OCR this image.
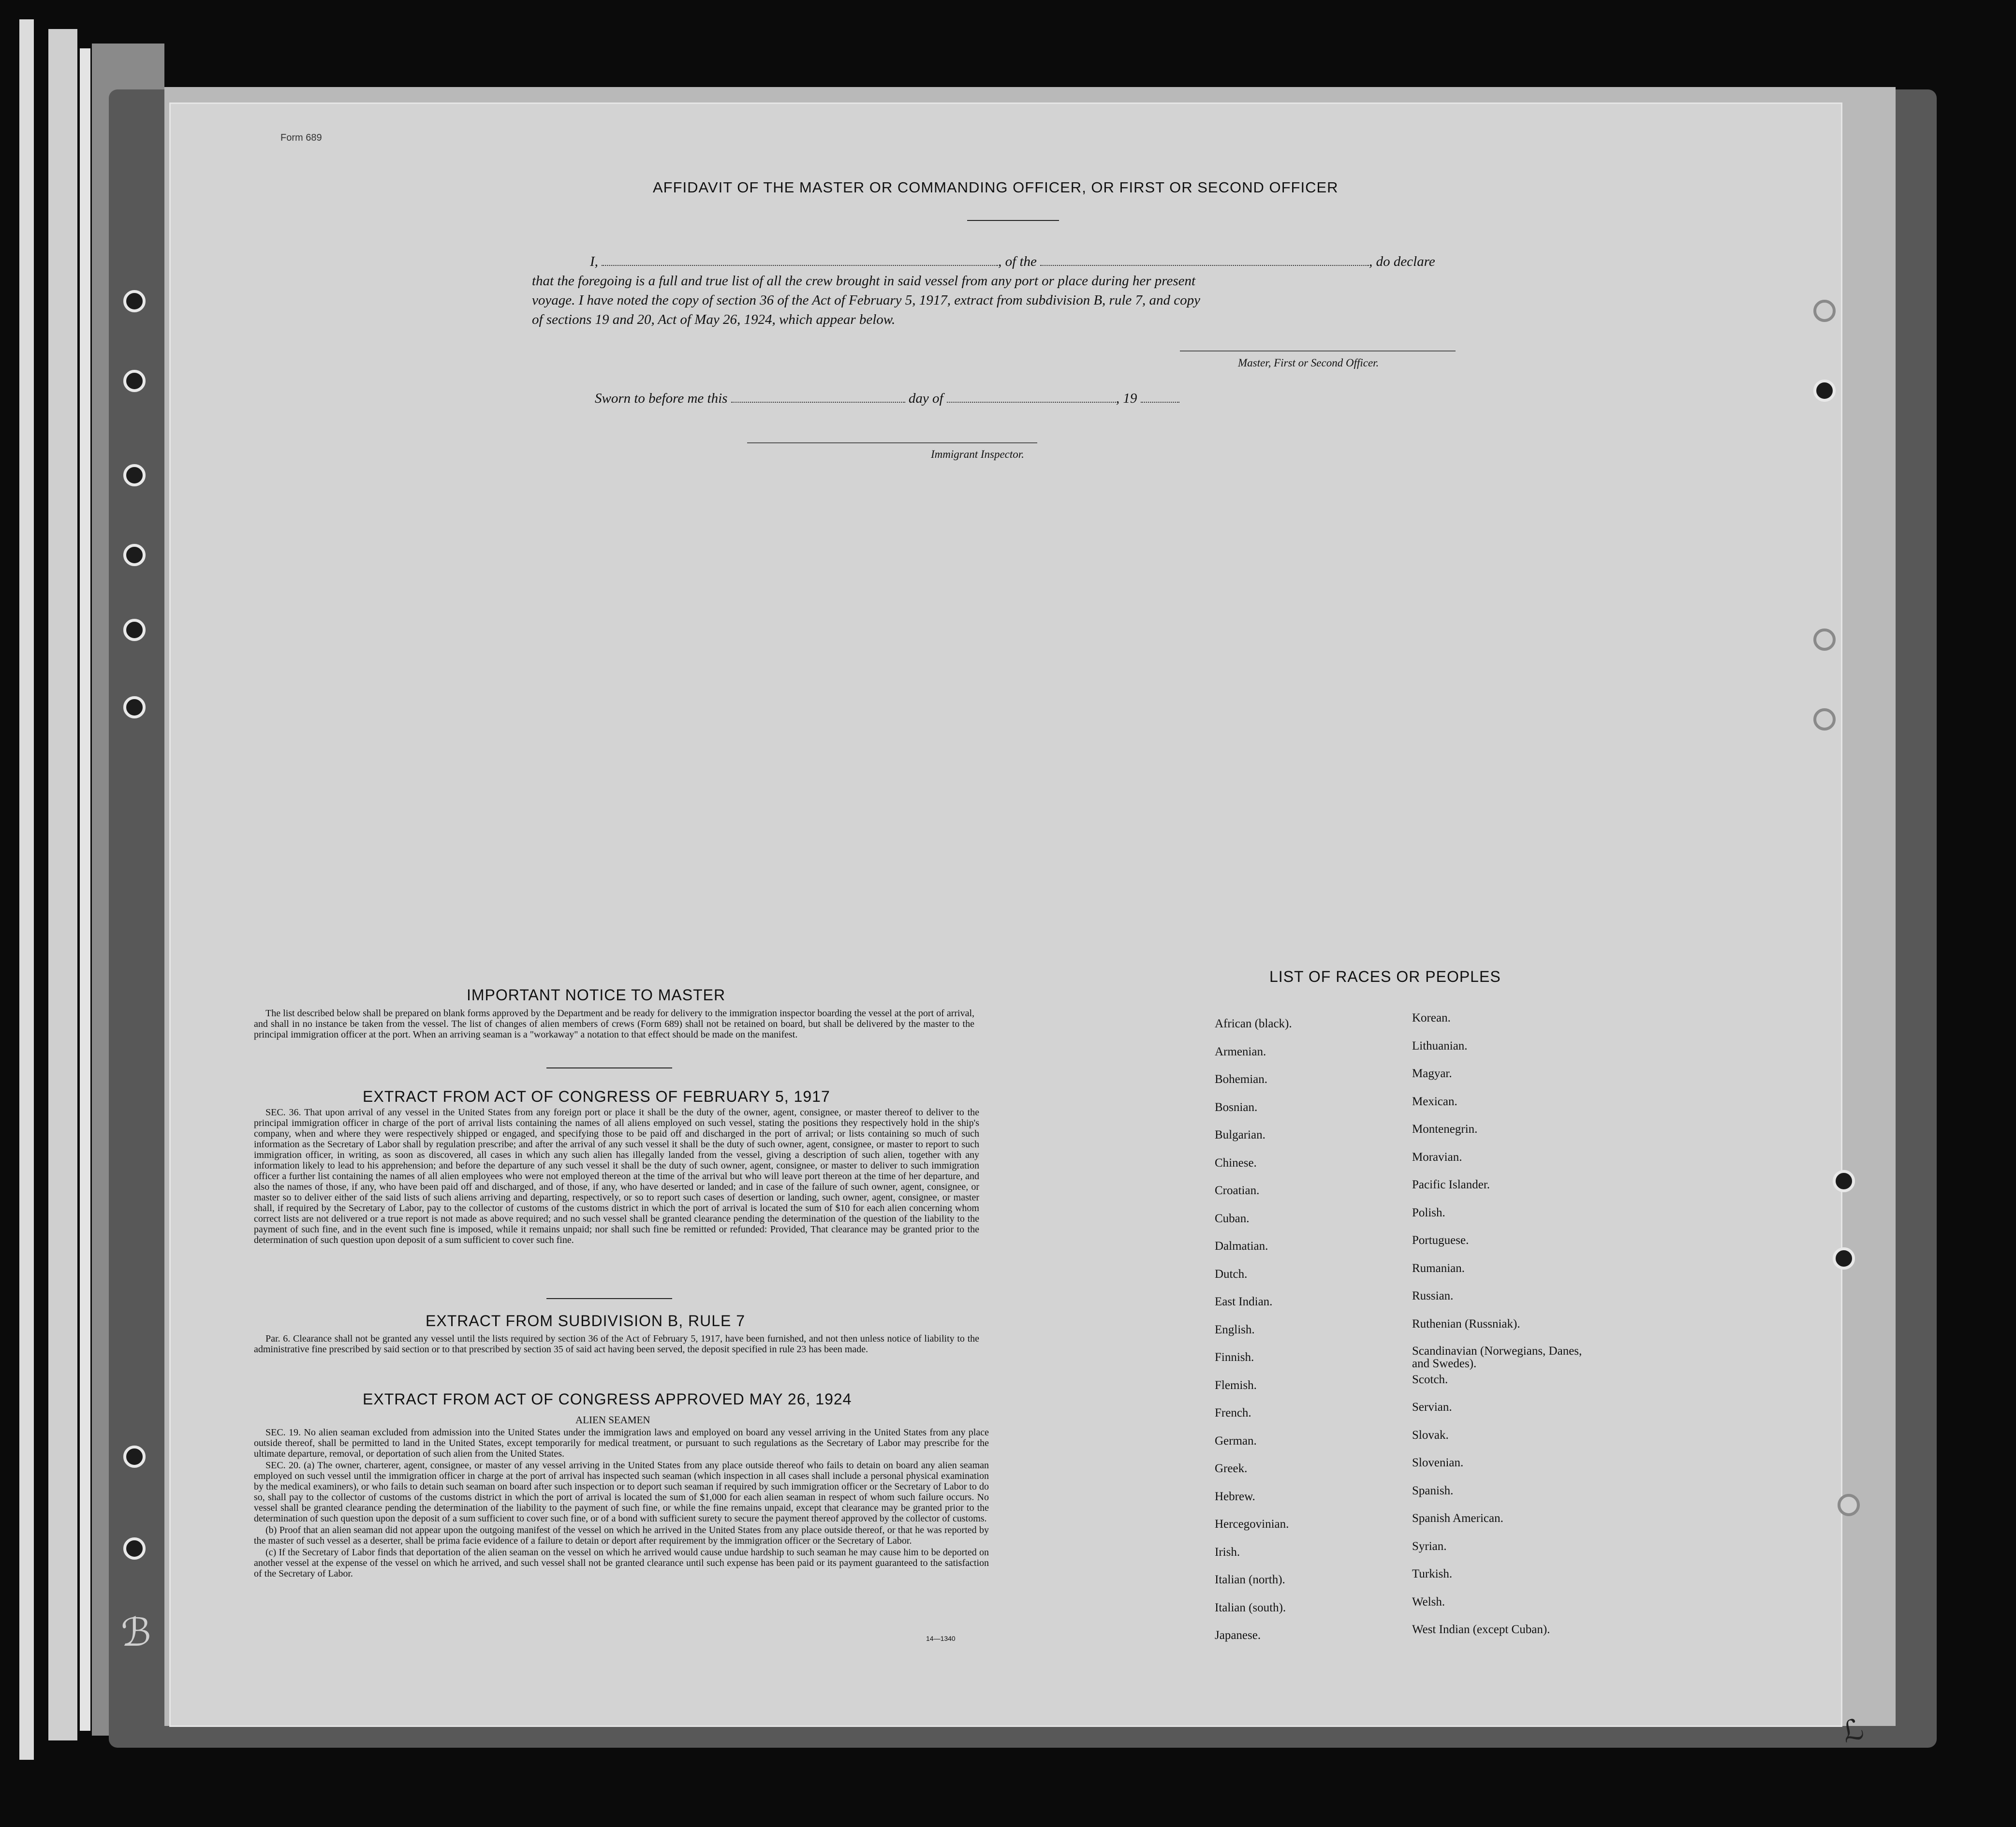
Form 689
AFFIDAVIT OF THE MASTER OR COMMANDING OFFICER, OR FIRST OR SECOND OFFICER
I,	, of the	, do declare
that the foregoing is a full and true list of all the crew brought in said vessel from any port or place during her present
voyage. I have noted the copy of section 36 of the Act of February 5, 1917, extract from subdivision B, rule 7, and copy
of sections 19 and 20, Act of May 26, 1924, which appear below.
Master, First or Second Officer.
Sworn to before me this	day of	, 19
Immigrant Inspector.
IMPORTANT NOTICE TO MASTER

The list described below shall be prepared on blank forms approved by the Department and be ready for delivery to the immigration inspector boarding the vessel at the port of arrival, and shall in no instance be taken from the vessel. The list of changes of alien members of crews (Form 689) shall not be retained on board, but shall be delivered by the master to the principal immigration officer at the port. When an arriving seaman is a "workaway" a notation to that effect should be made on the manifest.

EXTRACT FROM ACT OF CONGRESS OF FEBRUARY 5, 1917

SEC. 36. That upon arrival of any vessel in the United States from any foreign port or place it shall be the duty of the owner, agent, consignee, or master thereof to deliver to the principal immigration officer in charge of the port of arrival lists containing the names of all aliens employed on such vessel, stating the positions they respectively hold in the ship's company, when and where they were respectively shipped or engaged, and specifying those to be paid off and discharged in the port of arrival; or lists containing so much of such information as the Secretary of Labor shall by regulation prescribe; and after the arrival of any such vessel it shall be the duty of such owner, agent, consignee, or master to report to such immigration officer, in writing, as soon as discovered, all cases in which any such alien has illegally landed from the vessel, giving a description of such alien, together with any information likely to lead to his apprehension; and before the departure of any such vessel it shall be the duty of such owner, agent, consignee, or master to deliver to such immigration officer a further list containing the names of all alien employees who were not employed thereon at the time of the arrival but who will leave port thereon at the time of her departure, and also the names of those, if any, who have been paid off and discharged, and of those, if any, who have deserted or landed; and in case of the failure of such owner, agent, consignee, or master so to deliver either of the said lists of such aliens arriving and departing, respectively, or so to report such cases of desertion or landing, such owner, agent, consignee, or master shall, if required by the Secretary of Labor, pay to the collector of customs of the customs district in which the port of arrival is located the sum of $10 for each alien concerning whom correct lists are not delivered or a true report is not made as above required; and no such vessel shall be granted clearance pending the determination of the question of the liability to the payment of such fine, and in the event such fine is imposed, while it remains unpaid; nor shall such fine be remitted or refunded: Provided, That clearance may be granted prior to the determination of such question upon deposit of a sum sufficient to cover such fine.

EXTRACT FROM SUBDIVISION B, RULE 7

Par. 6. Clearance shall not be granted any vessel until the lists required by section 36 of the Act of February 5, 1917, have been furnished, and not then unless notice of liability to the administrative fine prescribed by said section or to that prescribed by section 35 of said act having been served, the deposit specified in rule 23 has been made.

EXTRACT FROM ACT OF CONGRESS APPROVED MAY 26, 1924
ALIEN SEAMEN

SEC. 19. No alien seaman excluded from admission into the United States under the immigration laws and employed on board any vessel arriving in the United States from any place outside thereof, shall be permitted to land in the United States, except temporarily for medical treatment, or pursuant to such regulations as the Secretary of Labor may prescribe for the ultimate departure, removal, or deportation of such alien from the United States.

SEC. 20. (a) The owner, charterer, agent, consignee, or master of any vessel arriving in the United States from any place outside thereof who fails to detain on board any alien seaman employed on such vessel until the immigration officer in charge at the port of arrival has inspected such seaman (which inspection in all cases shall include a personal physical examination by the medical examiners), or who fails to detain such seaman on board after such inspection or to deport such seaman if required by such immigration officer or the Secretary of Labor to do so, shall pay to the collector of customs of the customs district in which the port of arrival is located the sum of $1,000 for each alien seaman in respect of whom such failure occurs. No vessel shall be granted clearance pending the determination of the liability to the payment of such fine, or while the fine remains unpaid, except that clearance may be granted prior to the determination of such question upon the deposit of a sum sufficient to cover such fine, or of a bond with sufficient surety to secure the payment thereof approved by the collector of customs.

(b) Proof that an alien seaman did not appear upon the outgoing manifest of the vessel on which he arrived in the United States from any place outside thereof, or that he was reported by the master of such vessel as a deserter, shall be prima facie evidence of a failure to detain or deport after requirement by the immigration officer or the Secretary of Labor.

(c) If the Secretary of Labor finds that deportation of the alien seaman on the vessel on which he arrived would cause undue hardship to such seaman he may cause him to be deported on another vessel at the expense of the vessel on which he arrived, and such vessel shall not be granted clearance until such expense has been paid or its payment guaranteed to the satisfaction of the Secretary of Labor.

14—1340
LIST OF RACES OR PEOPLES
African (black).
Armenian.
Bohemian.
Bosnian.
Bulgarian.
Chinese.
Croatian.
Cuban.
Dalmatian.
Dutch.
East Indian.
English.
Finnish.
Flemish.
French.
German.
Greek.
Hebrew.
Hercegovinian.
Irish.
Italian (north).
Italian (south).
Japanese.
Korean.
Lithuanian.
Magyar.
Mexican.
Montenegrin.
Moravian.
Pacific Islander.
Polish.
Portuguese.
Rumanian.
Russian.
Ruthenian (Russniak).
Scandinavian (Norwegians, Danes, and Swedes).
Scotch.
Servian.
Slovak.
Slovenian.
Spanish.
Spanish American.
Syrian.
Turkish.
Welsh.
West Indian (except Cuban).
ℒ
ℬ
